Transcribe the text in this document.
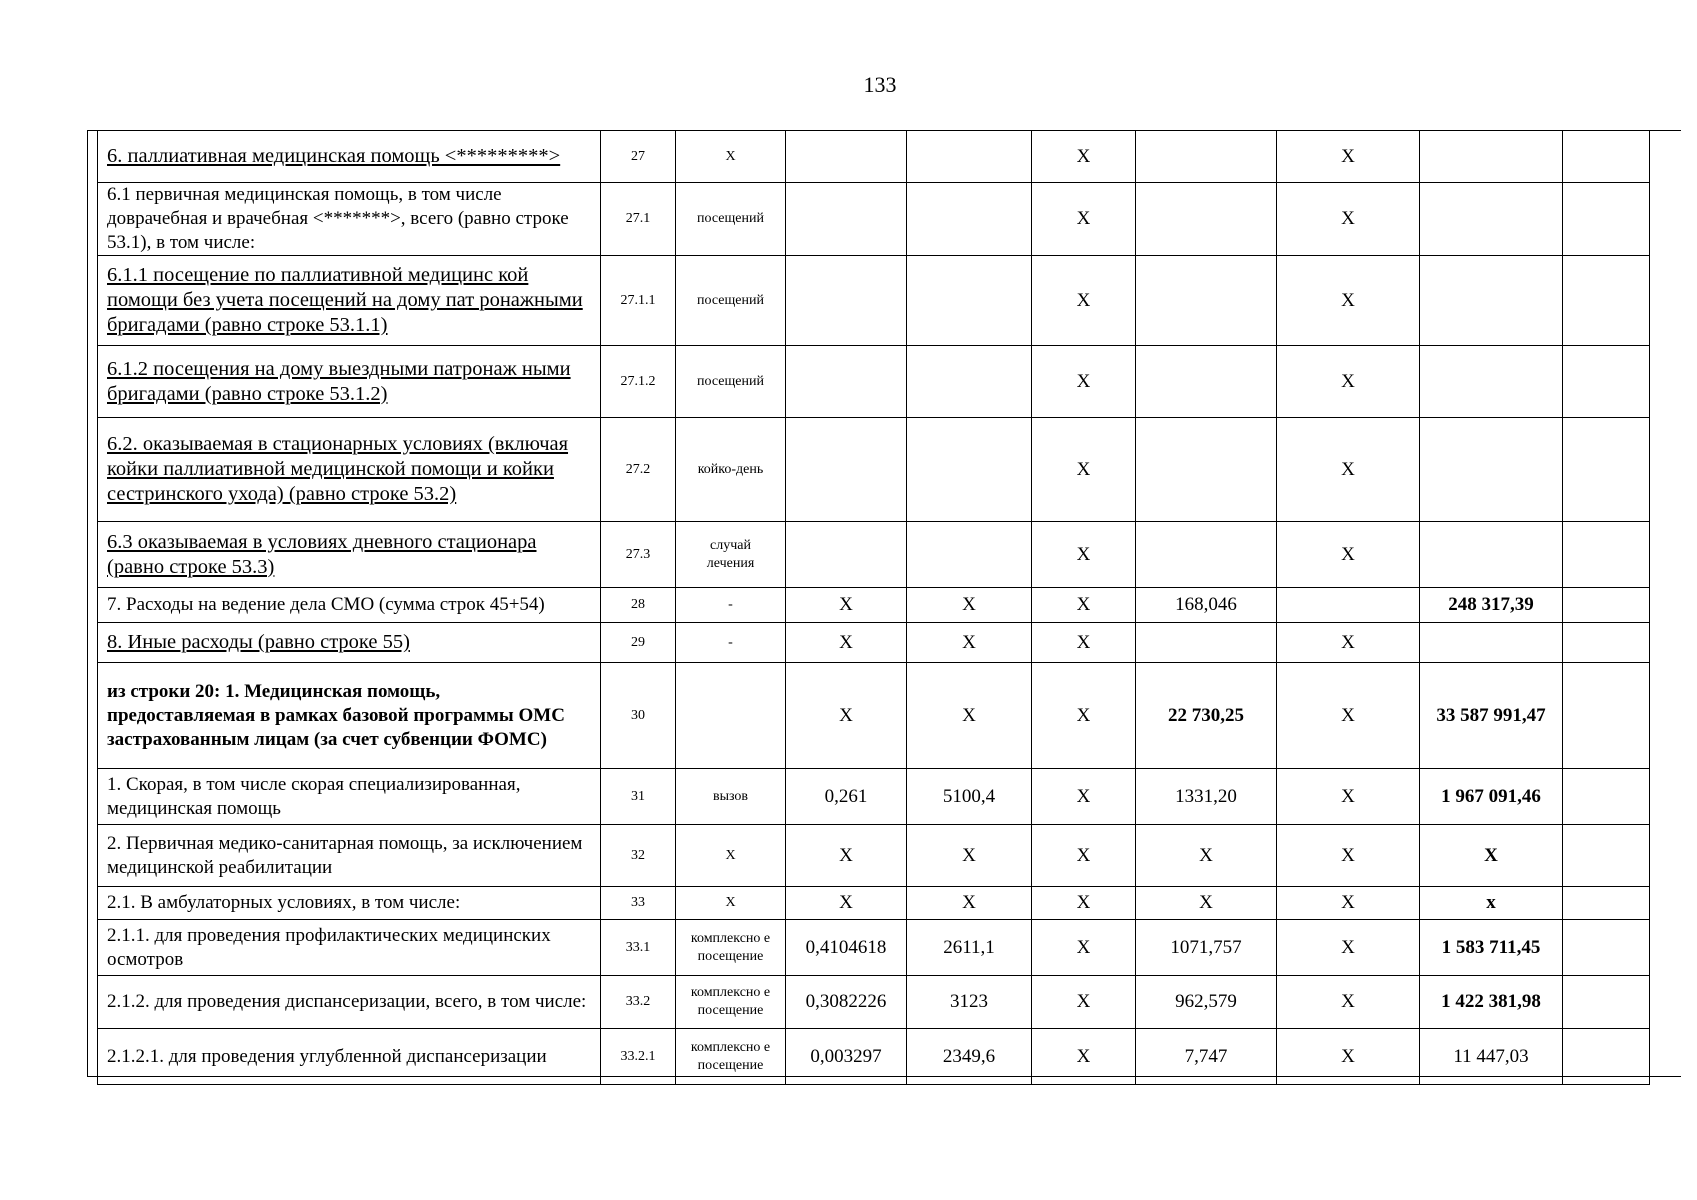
133
6. паллиативная медицинская помощь <*********>	27	X			X		X		
6.1 первичная медицинская помощь, в том числе доврачебная и врачебная <*******>, всего (равно строке 53.1), в том числе:	27.1	посещений			X		X		
6.1.1 посещение по паллиативной медицинс кой помощи без учета посещений на дому пат ронажными бригадами (равно строке 53.1.1)	27.1.1	посещений			X		X		
6.1.2 посещения на дому выездными патронаж ными бригадами (равно строке 53.1.2)	27.1.2	посещений			X		X		
6.2. оказываемая в стационарных условиях (включая койки паллиативной медицинской помощи и койки сестринского ухода) (равно строке 53.2)	27.2	койко-день			X		X		
6.3 оказываемая в условиях дневного стационара (равно строке 53.3)	27.3	случай лечения			X		X		
7. Расходы на ведение дела СМО (сумма строк 45+54)	28	-	X	X	X	168,046		248 317,39	
8. Иные расходы (равно строке 55)	29	-	X	X	X		X		
из строки 20: 1. Медицинская помощь, предоставляемая в рамках базовой программы ОМС застрахованным лицам (за счет субвенции ФОМС)	30		X	X	X	22 730,25	X	33 587 991,47	
1. Скорая, в том числе скорая специализированная, медицинская помощь	31	вызов	0,261	5100,4	X	1331,20	X	1 967 091,46	
2. Первичная медико-санитарная помощь, за исключением медицинской реабилитации	32	X	X	X	X	X	X	X	
2.1. В амбулаторных условиях, в том числе:	33	X	X	X	X	X	X	x	
2.1.1. для проведения профилактических медицинских осмотров	33.1	комплексно е посещение	0,4104618	2611,1	X	1071,757	X	1 583 711,45	
2.1.2. для проведения диспансеризации, всего, в том числе:	33.2	комплексно е посещение	0,3082226	3123	X	962,579	X	1 422 381,98	
2.1.2.1. для проведения углубленной диспансеризации	33.2.1	комплексно е посещение	0,003297	2349,6	X	7,747	X	11 447,03	
